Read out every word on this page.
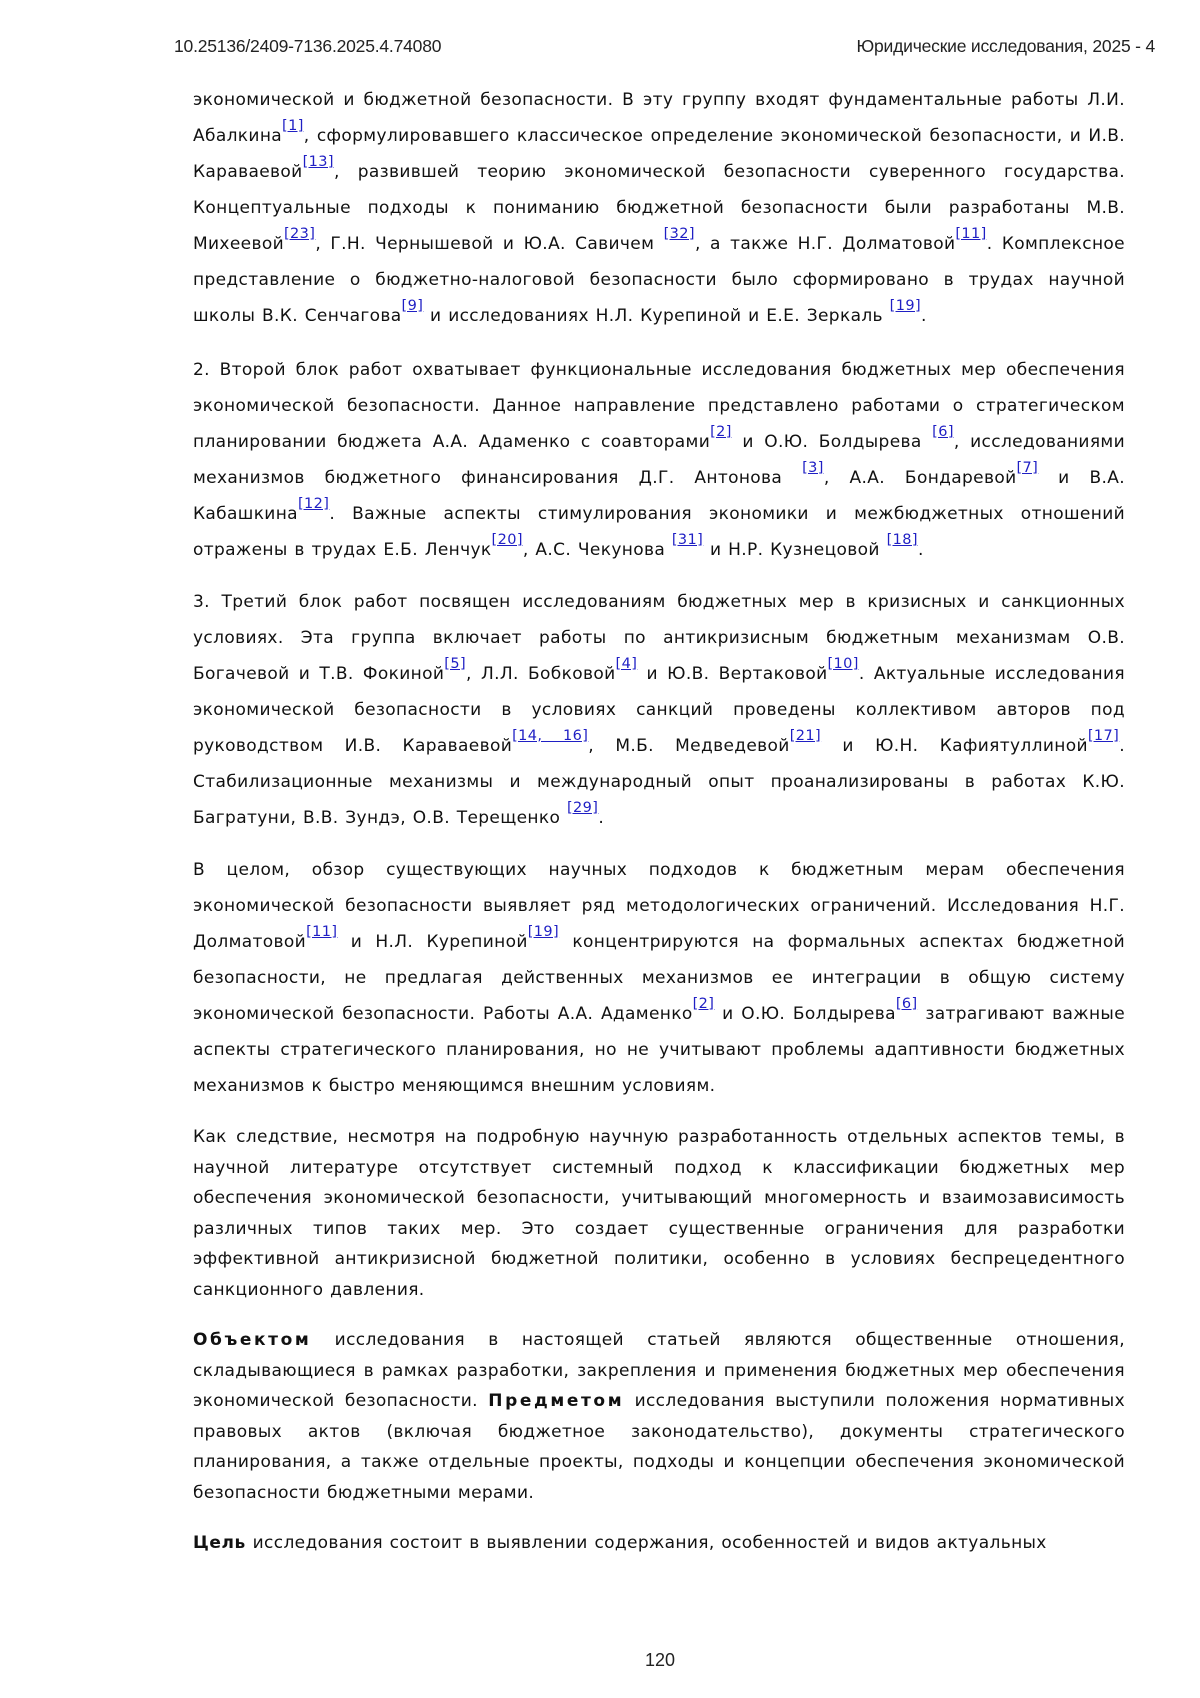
10.25136/2409-7136.2025.4.74080	Юридические исследования, 2025 - 4

экономической и бюджетной безопасности. В эту группу входят фундаментальные работы Л.И. Абалкина[1], сформулировавшего классическое определение экономической безопасности, и И.В. Караваевой[13], развившей теорию экономической безопасности суверенного государства. Концептуальные подходы к пониманию бюджетной безопасности были разработаны М.В. Михеевой[23], Г.Н. Чернышевой и Ю.А. Савичем [32], а также Н.Г. Долматовой[11]. Комплексное представление о бюджетно-налоговой безопасности было сформировано в трудах научной школы В.К. Сенчагова[9] и исследованиях Н.Л. Курепиной и Е.Е. Зеркаль [19].

2. Второй блок работ охватывает функциональные исследования бюджетных мер обеспечения экономической безопасности. Данное направление представлено работами о стратегическом планировании бюджета А.А. Адаменко с соавторами[2] и О.Ю. Болдырева [6], исследованиями механизмов бюджетного финансирования Д.Г. Антонова [3], А.А. Бондаревой[7] и В.А. Кабашкина[12]. Важные аспекты стимулирования экономики и межбюджетных отношений отражены в трудах Е.Б. Ленчук[20], А.С. Чекунова [31] и Н.Р. Кузнецовой [18].

3. Третий блок работ посвящен исследованиям бюджетных мер в кризисных и санкционных условиях. Эта группа включает работы по антикризисным бюджетным механизмам О.В. Богачевой и Т.В. Фокиной[5], Л.Л. Бобковой[4] и Ю.В. Вертаковой[10]. Актуальные исследования экономической безопасности в условиях санкций проведены коллективом авторов под руководством И.В. Караваевой[14, 16], М.Б. Медведевой[21] и Ю.Н. Кафиятуллиной[17]. Стабилизационные механизмы и международный опыт проанализированы в работах К.Ю. Багратуни, В.В. Зундэ, О.В. Терещенко [29].

В целом, обзор существующих научных подходов к бюджетным мерам обеспечения экономической безопасности выявляет ряд методологических ограничений. Исследования Н.Г. Долматовой[11] и Н.Л. Курепиной[19] концентрируются на формальных аспектах бюджетной безопасности, не предлагая действенных механизмов ее интеграции в общую систему экономической безопасности. Работы А.А. Адаменко[2] и О.Ю. Болдырева[6] затрагивают важные аспекты стратегического планирования, но не учитывают проблемы адаптивности бюджетных механизмов к быстро меняющимся внешним условиям.

Как следствие, несмотря на подробную научную разработанность отдельных аспектов темы, в научной литературе отсутствует системный подход к классификации бюджетных мер обеспечения экономической безопасности, учитывающий многомерность и взаимозависимость различных типов таких мер. Это создает существенные ограничения для разработки эффективной антикризисной бюджетной политики, особенно в условиях беспрецедентного санкционного давления.

Объектом исследования в настоящей статьей являются общественные отношения, складывающиеся в рамках разработки, закрепления и применения бюджетных мер обеспечения экономической безопасности. Предметом исследования выступили положения нормативных правовых актов (включая бюджетное законодательство), документы стратегического планирования, а также отдельные проекты, подходы и концепции обеспечения экономической безопасности бюджетными мерами.

Цель исследования состоит в выявлении содержания, особенностей и видов актуальных

120
